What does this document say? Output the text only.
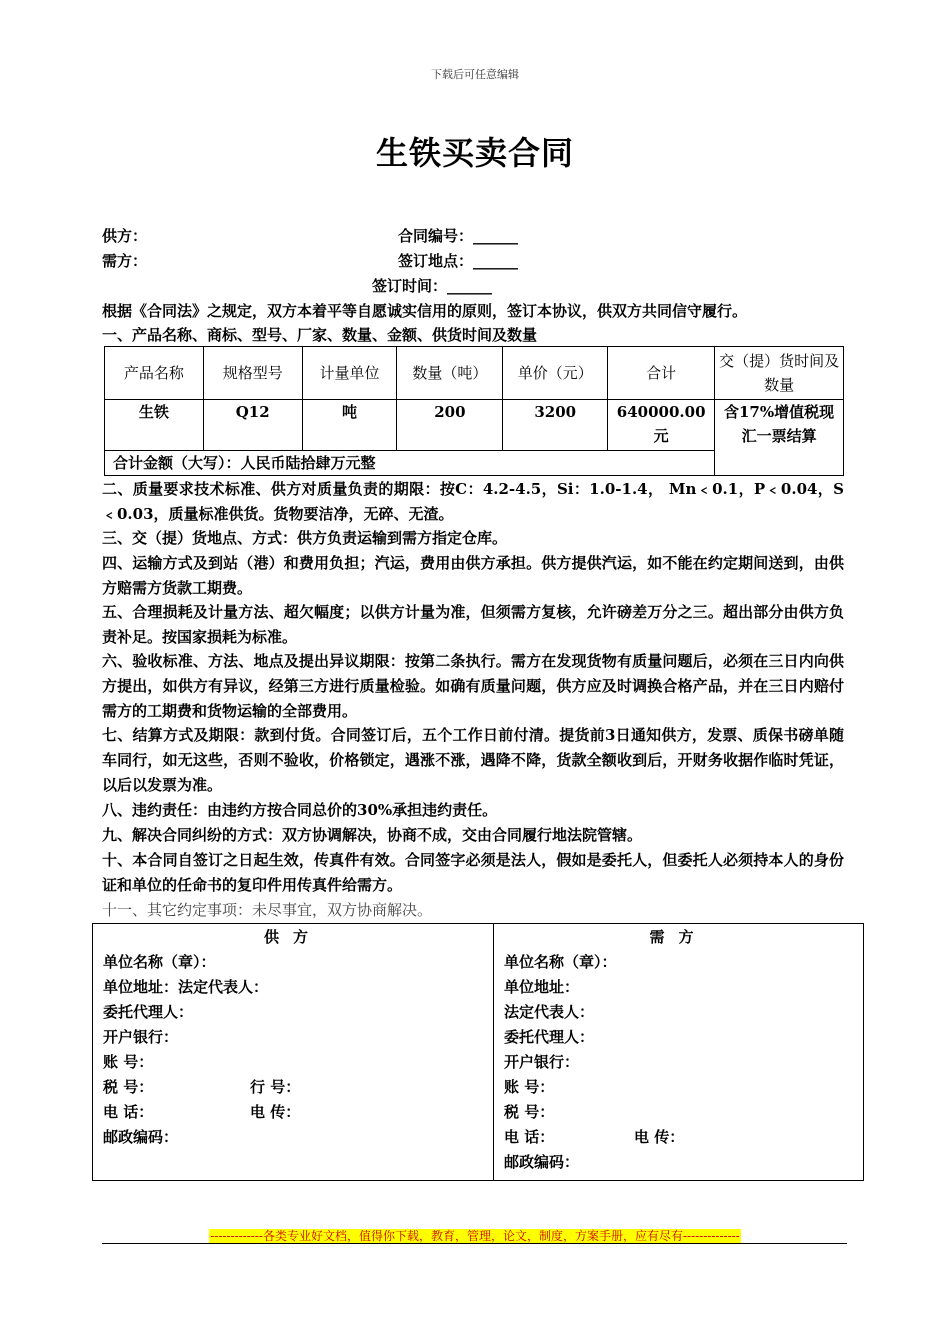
下载后可任意编辑
生铁买卖合同
供方：	合同编号：______
需方：	签订地点：______
签订时间：______
根据《合同法》之规定，双方本着平等自愿诚实信用的原则，签订本协议，供双方共同信守履行。
一、产品名称、商标、型号、厂家、数量、金额、供货时间及数量
产品名称	规格型号	计量单位	数量（吨）	单价（元）	合计	交（提）货时间及数量
生铁	Q12	吨	200	3200	640000.00元	含17%增值税现汇一票结算
合计金额（大写）：人民币陆拾肆万元整						
二、质量要求技术标准、供方对质量负责的期限：按C：4.2-4.5，Si：1.0-1.4， Mn﹤0.1，P﹤0.04，S﹤0.03，质量标准供货。货物要洁净，无碎、无渣。
三、交（提）货地点、方式：供方负责运输到需方指定仓库。
四、运输方式及到站（港）和费用负担；汽运，费用由供方承担。供方提供汽运，如不能在约定期间送到，由供方赔需方货款工期费。
五、合理损耗及计量方法、超欠幅度；以供方计量为准，但须需方复核，允许磅差万分之三。超出部分由供方负责补足。按国家损耗为标准。
六、验收标准、方法、地点及提出异议期限：按第二条执行。需方在发现货物有质量问题后，必须在三日内向供方提出，如供方有异议，经第三方进行质量检验。如确有质量问题，供方应及时调换合格产品，并在三日内赔付需方的工期费和货物运输的全部费用。
七、结算方式及期限：款到付货。合同签订后，五个工作日前付清。提货前3日通知供方，发票、质保书磅单随车同行，如无这些，否则不验收，价格锁定，遇涨不涨，遇降不降，货款全额收到后，开财务收据作临时凭证，以后以发票为准。
八、违约责任：由违约方按合同总价的30%承担违约责任。
九、解决合同纠纷的方式：双方协调解决，协商不成，交由合同履行地法院管辖。
十、本合同自签订之日起生效，传真件有效。合同签字必须是法人，假如是委托人，但委托人必须持本人的身份证和单位的任命书的复印件用传真件给需方。
十一、其它约定事项：未尽事宜，双方协商解决。
供方
单位名称（章）：
单位地址：法定代表人：
委托代理人：
开户银行：
账 号：
税 号：	行 号：
电 话：	电 传：
邮政编码：
需方
单位名称（章）：
单位地址：
法定代表人：
委托代理人：
开户银行：
账 号：
税 号：
电 话：	电 传：
邮政编码：
-------------各类专业好文档，值得你下载，教育，管理，论文，制度，方案手册，应有尽有--------------
